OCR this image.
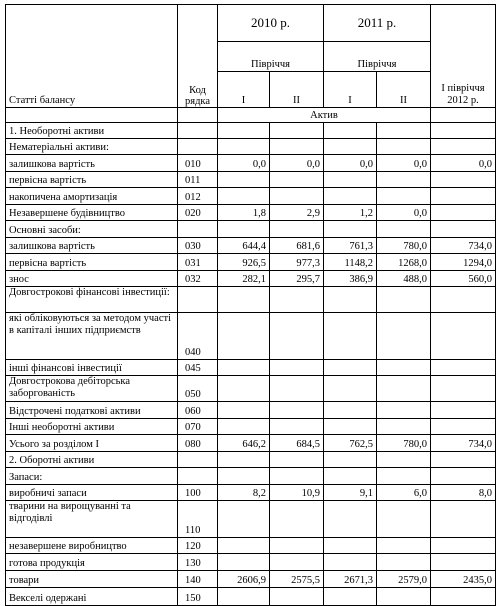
Статті балансу	Код рядка	2010 р.		2011 р.		І півріччя 2012 р.
		Півріччя		Півріччя		
		І	ІІ	І	ІІ	
		Актив				
1. Необоротні активи						
Нематеріальні активи:						
залишкова вартість	010	0,0	0,0	0,0	0,0	0,0
первісна вартість	011					
накопичена амортизація	012					
Незавершене будівництво	020	1,8	2,9	1,2	0,0	
Основні засоби:						
залишкова вартість	030	644,4	681,6	761,3	780,0	734,0
первісна вартість	031	926,5	977,3	1148,2	1268,0	1294,0
знос	032	282,1	295,7	386,9	488,0	560,0
Довгострокові фінансові інвестиції:						
які обліковуються за методом участі в капіталі інших підприємств	040					
інші фінансові інвестиції	045					
Довгострокова дебіторська заборгованість	050					
Відстрочені податкові активи	060					
Інші необоротні активи	070					
Усього за розділом І	080	646,2	684,5	762,5	780,0	734,0
2. Оборотні активи						
Запаси:						
виробничі запаси	100	8,2	10,9	9,1	6,0	8,0
тварини на вирощуванні та відгодівлі	110					
незавершене виробництво	120					
готова продукція	130					
товари	140	2606,9	2575,5	2671,3	2579,0	2435,0
Векселі одержані	150					
